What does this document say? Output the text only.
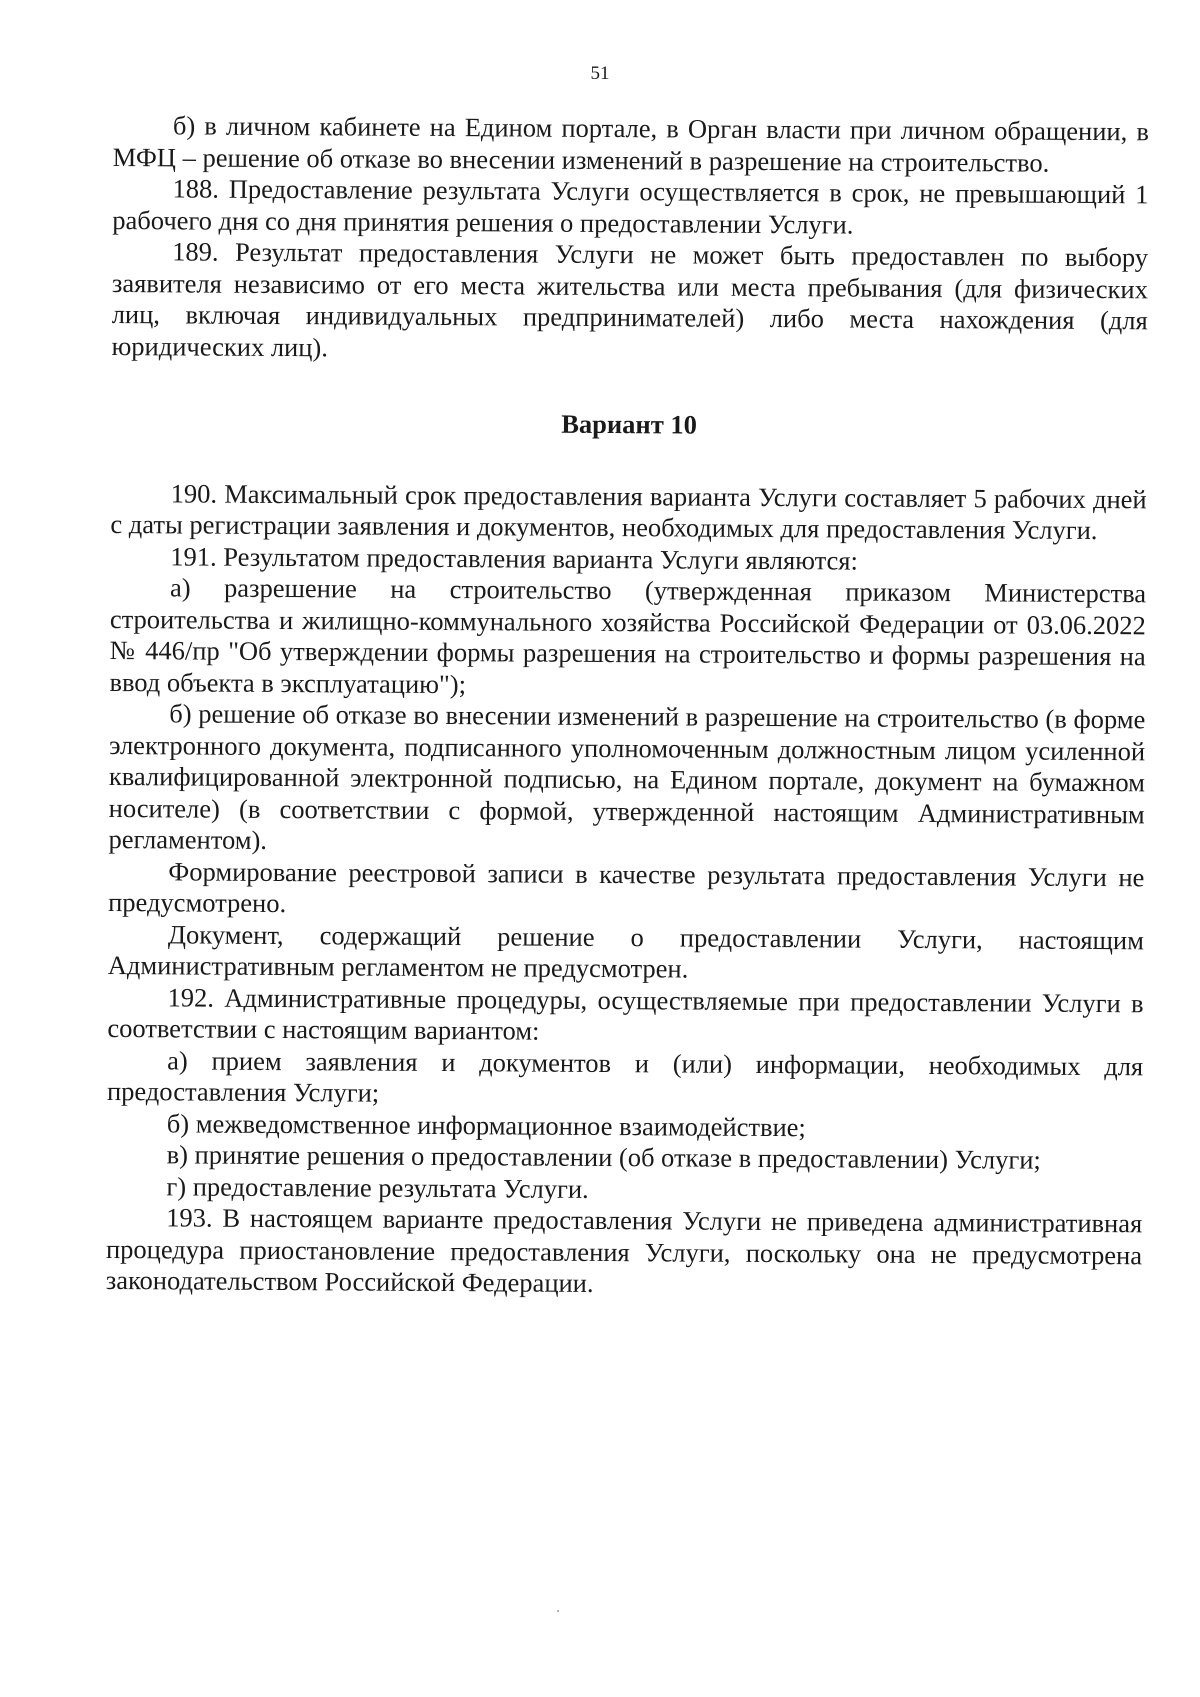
51

б) в личном кабинете на Едином портале, в Орган власти при личном обращении, в МФЦ – решение об отказе во внесении изменений в разрешение на строительство.

188. Предоставление результата Услуги осуществляется в срок, не превышающий 1 рабочего дня со дня принятия решения о предоставлении Услуги.

189. Результат предоставления Услуги не может быть предоставлен по выбору заявителя независимо от его места жительства или места пребывания (для физических лиц, включая индивидуальных предпринимателей) либо места нахождения (для юридических лиц).

Вариант 10

190. Максимальный срок предоставления варианта Услуги составляет 5 рабочих дней с даты регистрации заявления и документов, необходимых для предоставления Услуги.

191. Результатом предоставления варианта Услуги являются:

а) разрешение на строительство (утвержденная приказом Министерства строительства и жилищно-коммунального хозяйства Российской Федерации от 03.06.2022 № 446/пр "Об утверждении формы разрешения на строительство и формы разрешения на ввод объекта в эксплуатацию");

б) решение об отказе во внесении изменений в разрешение на строительство (в форме электронного документа, подписанного уполномоченным должностным лицом усиленной квалифицированной электронной подписью, на Едином портале, документ на бумажном носителе) (в соответствии с формой, утвержденной настоящим Административным регламентом).

Формирование реестровой записи в качестве результата предоставления Услуги не предусмотрено.

Документ, содержащий решение о предоставлении Услуги, настоящим Административным регламентом не предусмотрен.

192. Административные процедуры, осуществляемые при предоставлении Услуги в соответствии с настоящим вариантом:

а) прием заявления и документов и (или) информации, необходимых для предоставления Услуги;

б) межведомственное информационное взаимодействие;

в) принятие решения о предоставлении (об отказе в предоставлении) Услуги;

г) предоставление результата Услуги.

193. В настоящем варианте предоставления Услуги не приведена административная процедура приостановление предоставления Услуги, поскольку она не предусмотрена законодательством Российской Федерации.
